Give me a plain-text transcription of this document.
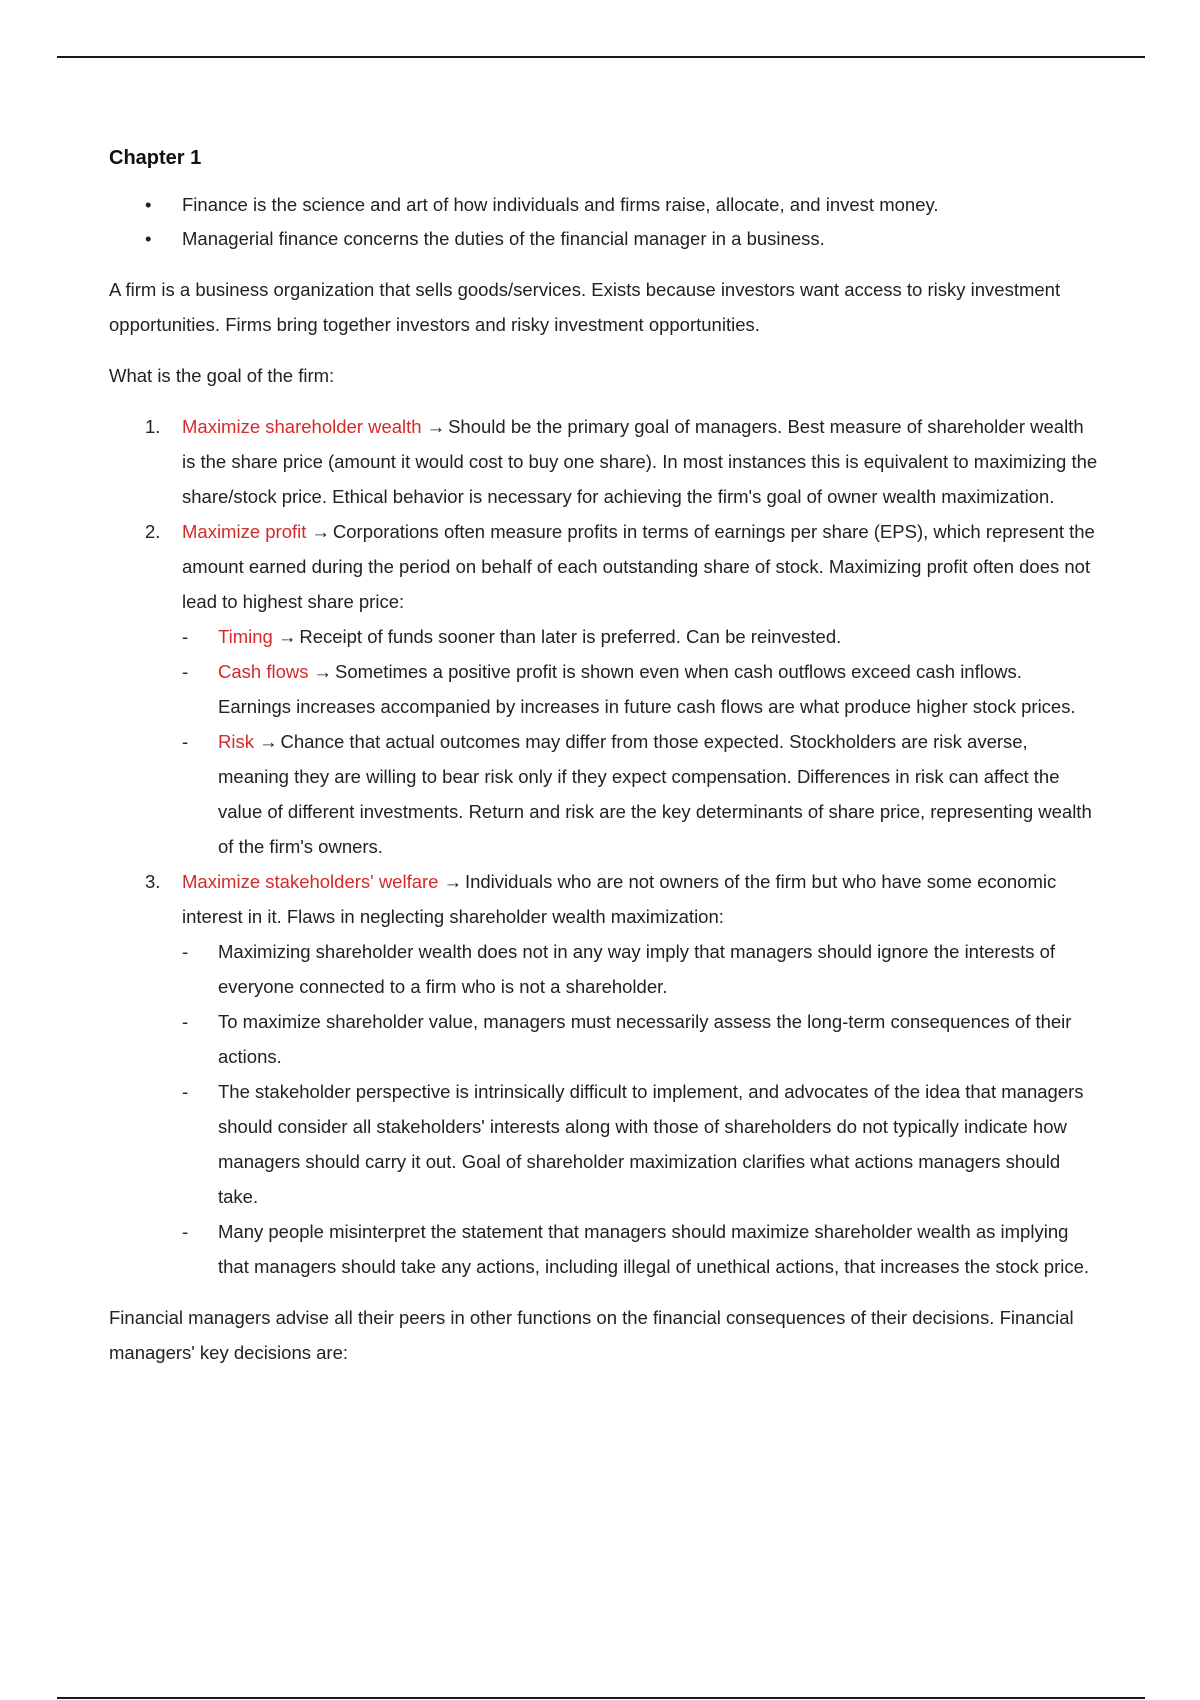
Chapter 1
• Finance is the science and art of how individuals and firms raise, allocate, and invest money.
• Managerial finance concerns the duties of the financial manager in a business.

A firm is a business organization that sells goods/services. Exists because investors want access to risky investment opportunities. Firms bring together investors and risky investment opportunities.

What is the goal of the firm:

1. Maximize shareholder wealth → Should be the primary goal of managers. Best measure of shareholder wealth is the share price (amount it would cost to buy one share). In most instances this is equivalent to maximizing the share/stock price. Ethical behavior is necessary for achieving the firm's goal of owner wealth maximization.
2. Maximize profit → Corporations often measure profits in terms of earnings per share (EPS), which represent the amount earned during the period on behalf of each outstanding share of stock. Maximizing profit often does not lead to highest share price:
- Timing → Receipt of funds sooner than later is preferred. Can be reinvested.
- Cash flows → Sometimes a positive profit is shown even when cash outflows exceed cash inflows. Earnings increases accompanied by increases in future cash flows are what produce higher stock prices.
- Risk → Chance that actual outcomes may differ from those expected. Stockholders are risk averse, meaning they are willing to bear risk only if they expect compensation. Differences in risk can affect the value of different investments. Return and risk are the key determinants of share price, representing wealth of the firm's owners.
3. Maximize stakeholders' welfare → Individuals who are not owners of the firm but who have some economic interest in it. Flaws in neglecting shareholder wealth maximization:
- Maximizing shareholder wealth does not in any way imply that managers should ignore the interests of everyone connected to a firm who is not a shareholder.
- To maximize shareholder value, managers must necessarily assess the long-term consequences of their actions.
- The stakeholder perspective is intrinsically difficult to implement, and advocates of the idea that managers should consider all stakeholders' interests along with those of shareholders do not typically indicate how managers should carry it out. Goal of shareholder maximization clarifies what actions managers should take.
- Many people misinterpret the statement that managers should maximize shareholder wealth as implying that managers should take any actions, including illegal of unethical actions, that increases the stock price.

Financial managers advise all their peers in other functions on the financial consequences of their decisions. Financial managers' key decisions are:
